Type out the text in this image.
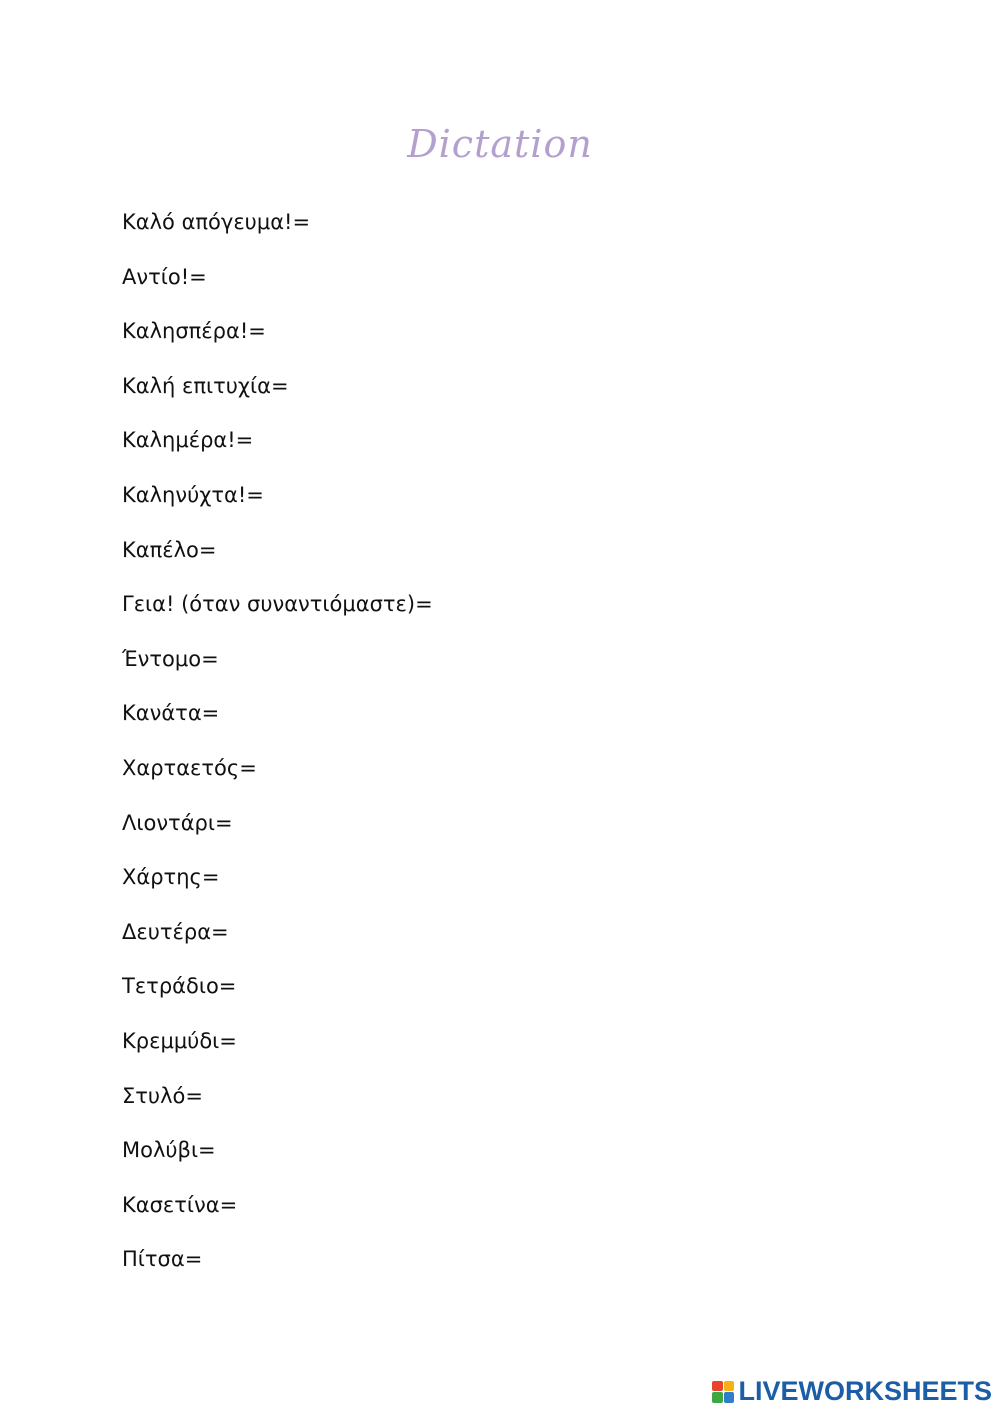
Dictation
Καλό απόγευμα!=
Αντίο!=
Καλησπέρα!=
Καλή επιτυχία=
Καλημέρα!=
Καληνύχτα!=
Καπέλο=
Γεια! (όταν συναντιόμαστε)=
Έντομο=
Κανάτα=
Χαρταετός=
Λιοντάρι=
Χάρτης=
Δευτέρα=
Τετράδιο=
Κρεμμύδι=
Στυλό=
Μολύβι=
Κασετίνα=
Πίτσα=
LIVEWORKSHEETS
